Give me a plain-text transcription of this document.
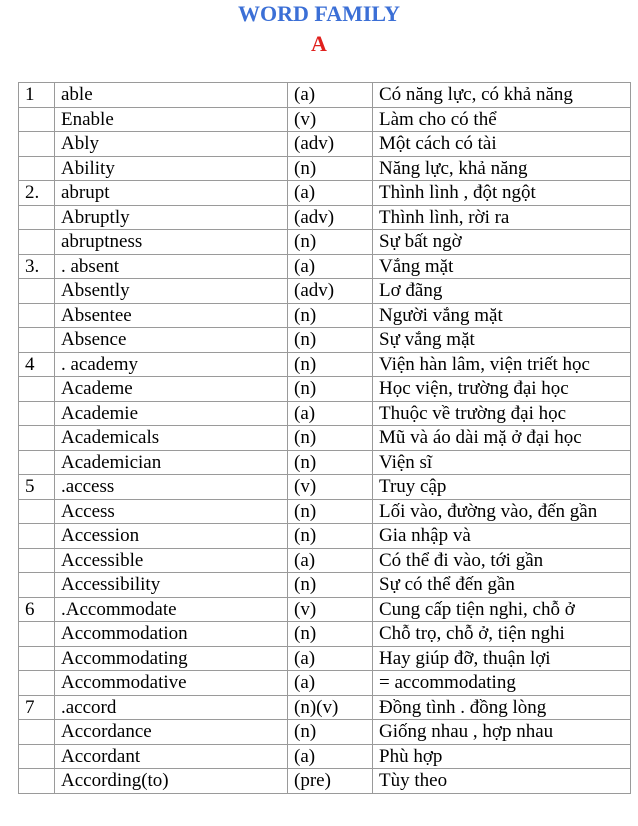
WORD FAMILY
A
1	able	(a)	Có năng lực, có khả năng
	Enable	(v)	Làm cho có thể
	Ably	(adv)	Một cách có tài
	Ability	(n)	Năng lực, khả năng
2.	abrupt	(a)	Thình lình , đột ngột
	Abruptly	(adv)	Thình lình, rời ra
	abruptness	(n)	Sự bất ngờ
3.	. absent	(a)	Vắng mặt
	Absently	(adv)	Lơ đãng
	Absentee	(n)	Người vắng mặt
	Absence	(n)	Sự vắng mặt
4	. academy	(n)	Viện hàn lâm, viện triết học
	Academe	(n)	Học viện, trường đại học
	Academie	(a)	Thuộc về trường đại học
	Academicals	(n)	Mũ và áo dài mặ ở đại học
	Academician	(n)	Viện sĩ
5	.access	(v)	Truy cập
	Access	(n)	Lối vào, đường vào, đến gần
	Accession	(n)	Gia nhập và
	Accessible	(a)	Có thể đi vào, tới gần
	Accessibility	(n)	Sự có thể đến gần
6	.Accommodate	(v)	Cung cấp tiện nghi, chỗ ở
	Accommodation	(n)	Chỗ trọ, chỗ ở, tiện nghi
	Accommodating	(a)	Hay giúp đỡ, thuận lợi
	Accommodative	(a)	= accommodating
7	.accord	(n)(v)	Đồng tình . đồng lòng
	Accordance	(n)	Giống nhau , hợp nhau
	Accordant	(a)	Phù hợp
	According(to)	(pre)	Tùy theo
